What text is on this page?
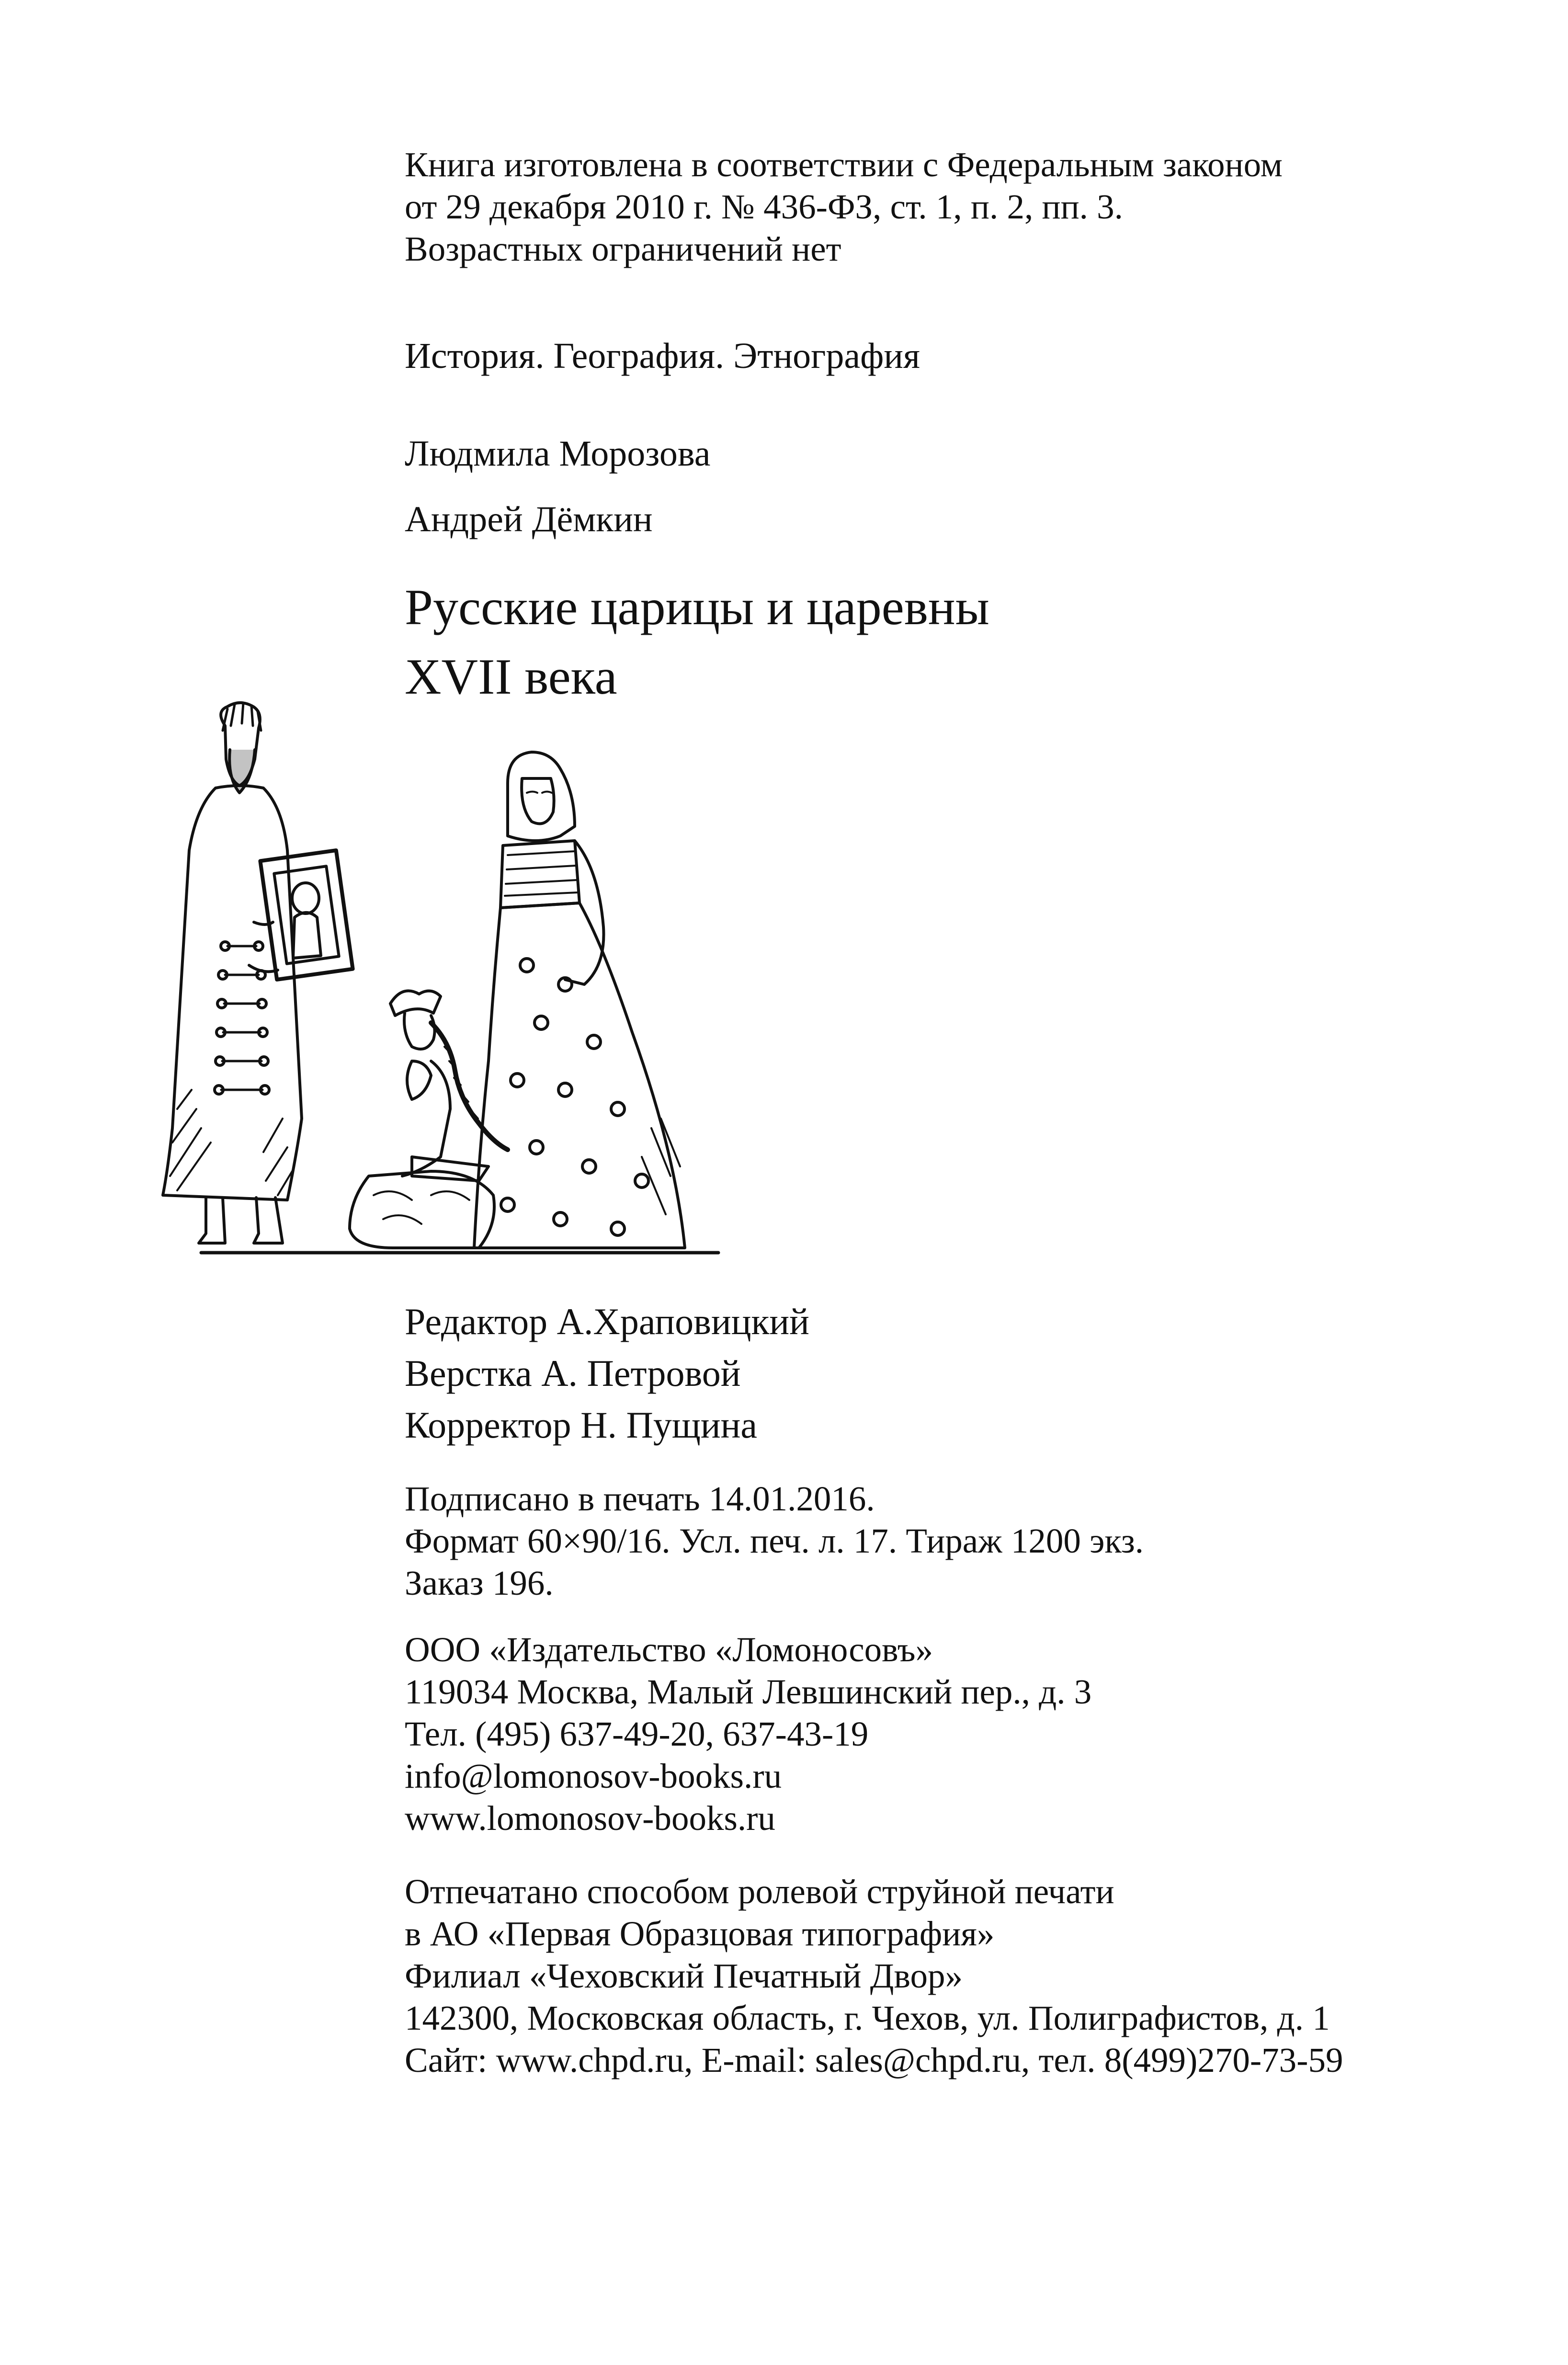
Книга изготовлена в соответствии с Федеральным законом
от 29 декабря 2010 г. № 436-ФЗ, ст. 1, п. 2, пп. 3.
Возрастных ограничений нет
История. География. Этнография
Людмила Морозова
Андрей Дёмкин
Русские царицы и царевны
XVII века
Редактор А.Храповицкий
Верстка А. Петровой
Корректор Н. Пущина
Подписано в печать 14.01.2016.
Формат 60×90/16. Усл. печ. л. 17. Тираж 1200 экз.
Заказ 196.
ООО «Издательство «Ломоносовъ»
119034 Москва, Малый Левшинский пер., д. 3
Тел. (495) 637-49-20, 637-43-19
info@lomonosov-books.ru
www.lomonosov-books.ru
Отпечатано способом ролевой струйной печати
в АО «Первая Образцовая типография»
Филиал «Чеховский Печатный Двор»
142300, Московская область, г. Чехов, ул. Полиграфистов, д. 1
Сайт: www.chpd.ru, E-mail: sales@chpd.ru, тел. 8(499)270-73-59
